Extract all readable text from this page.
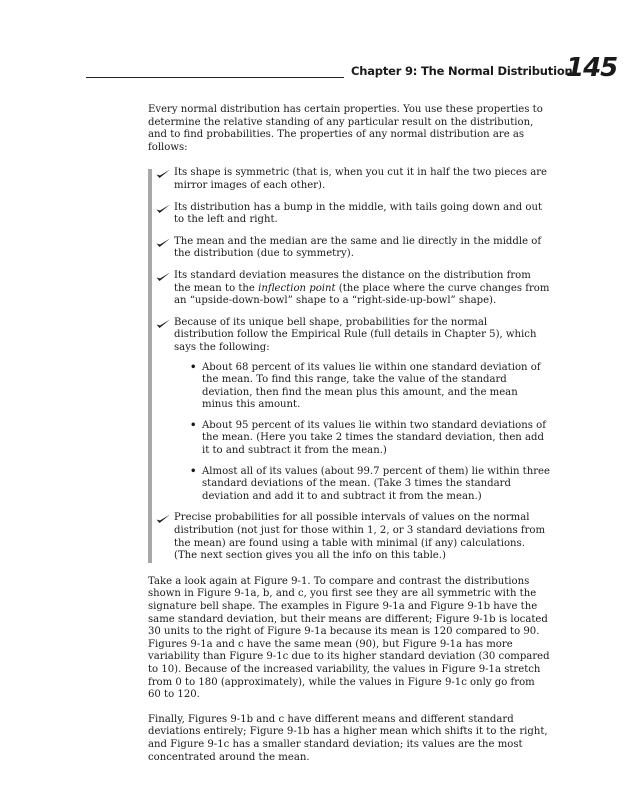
Chapter 9: The Normal Distribution
145

Every normal distribution has certain properties. You use these properties to determine the relative standing of any particular result on the distribution, and to find probabilities. The properties of any normal distribution are as follows:

Its shape is symmetric (that is, when you cut it in half the two pieces are mirror images of each other).
Its distribution has a bump in the middle, with tails going down and out to the left and right.
The mean and the median are the same and lie directly in the middle of the distribution (due to symmetry).
Its standard deviation measures the distance on the distribution from the mean to the inflection point (the place where the curve changes from an “upside-down-bowl” shape to a “right-side-up-bowl” shape).
Because of its unique bell shape, probabilities for the normal distribution follow the Empirical Rule (full details in Chapter 5), which says the following:
• About 68 percent of its values lie within one standard deviation of the mean. To find this range, take the value of the standard deviation, then find the mean plus this amount, and the mean minus this amount.
• About 95 percent of its values lie within two standard deviations of the mean. (Here you take 2 times the standard deviation, then add it to and subtract it from the mean.)
• Almost all of its values (about 99.7 percent of them) lie within three standard deviations of the mean. (Take 3 times the standard deviation and add it to and subtract it from the mean.)
Precise probabilities for all possible intervals of values on the normal distribution (not just for those within 1, 2, or 3 standard deviations from the mean) are found using a table with minimal (if any) calculations. (The next section gives you all the info on this table.)

Take a look again at Figure 9-1. To compare and contrast the distributions shown in Figure 9-1a, b, and c, you first see they are all symmetric with the signature bell shape. The examples in Figure 9-1a and Figure 9-1b have the same standard deviation, but their means are different; Figure 9-1b is located 30 units to the right of Figure 9-1a because its mean is 120 compared to 90. Figures 9-1a and c have the same mean (90), but Figure 9-1a has more variability than Figure 9-1c due to its higher standard deviation (30 compared to 10). Because of the increased variability, the values in Figure 9-1a stretch from 0 to 180 (approximately), while the values in Figure 9-1c only go from 60 to 120.

Finally, Figures 9-1b and c have different means and different standard deviations entirely; Figure 9-1b has a higher mean which shifts it to the right, and Figure 9-1c has a smaller standard deviation; its values are the most concentrated around the mean.
